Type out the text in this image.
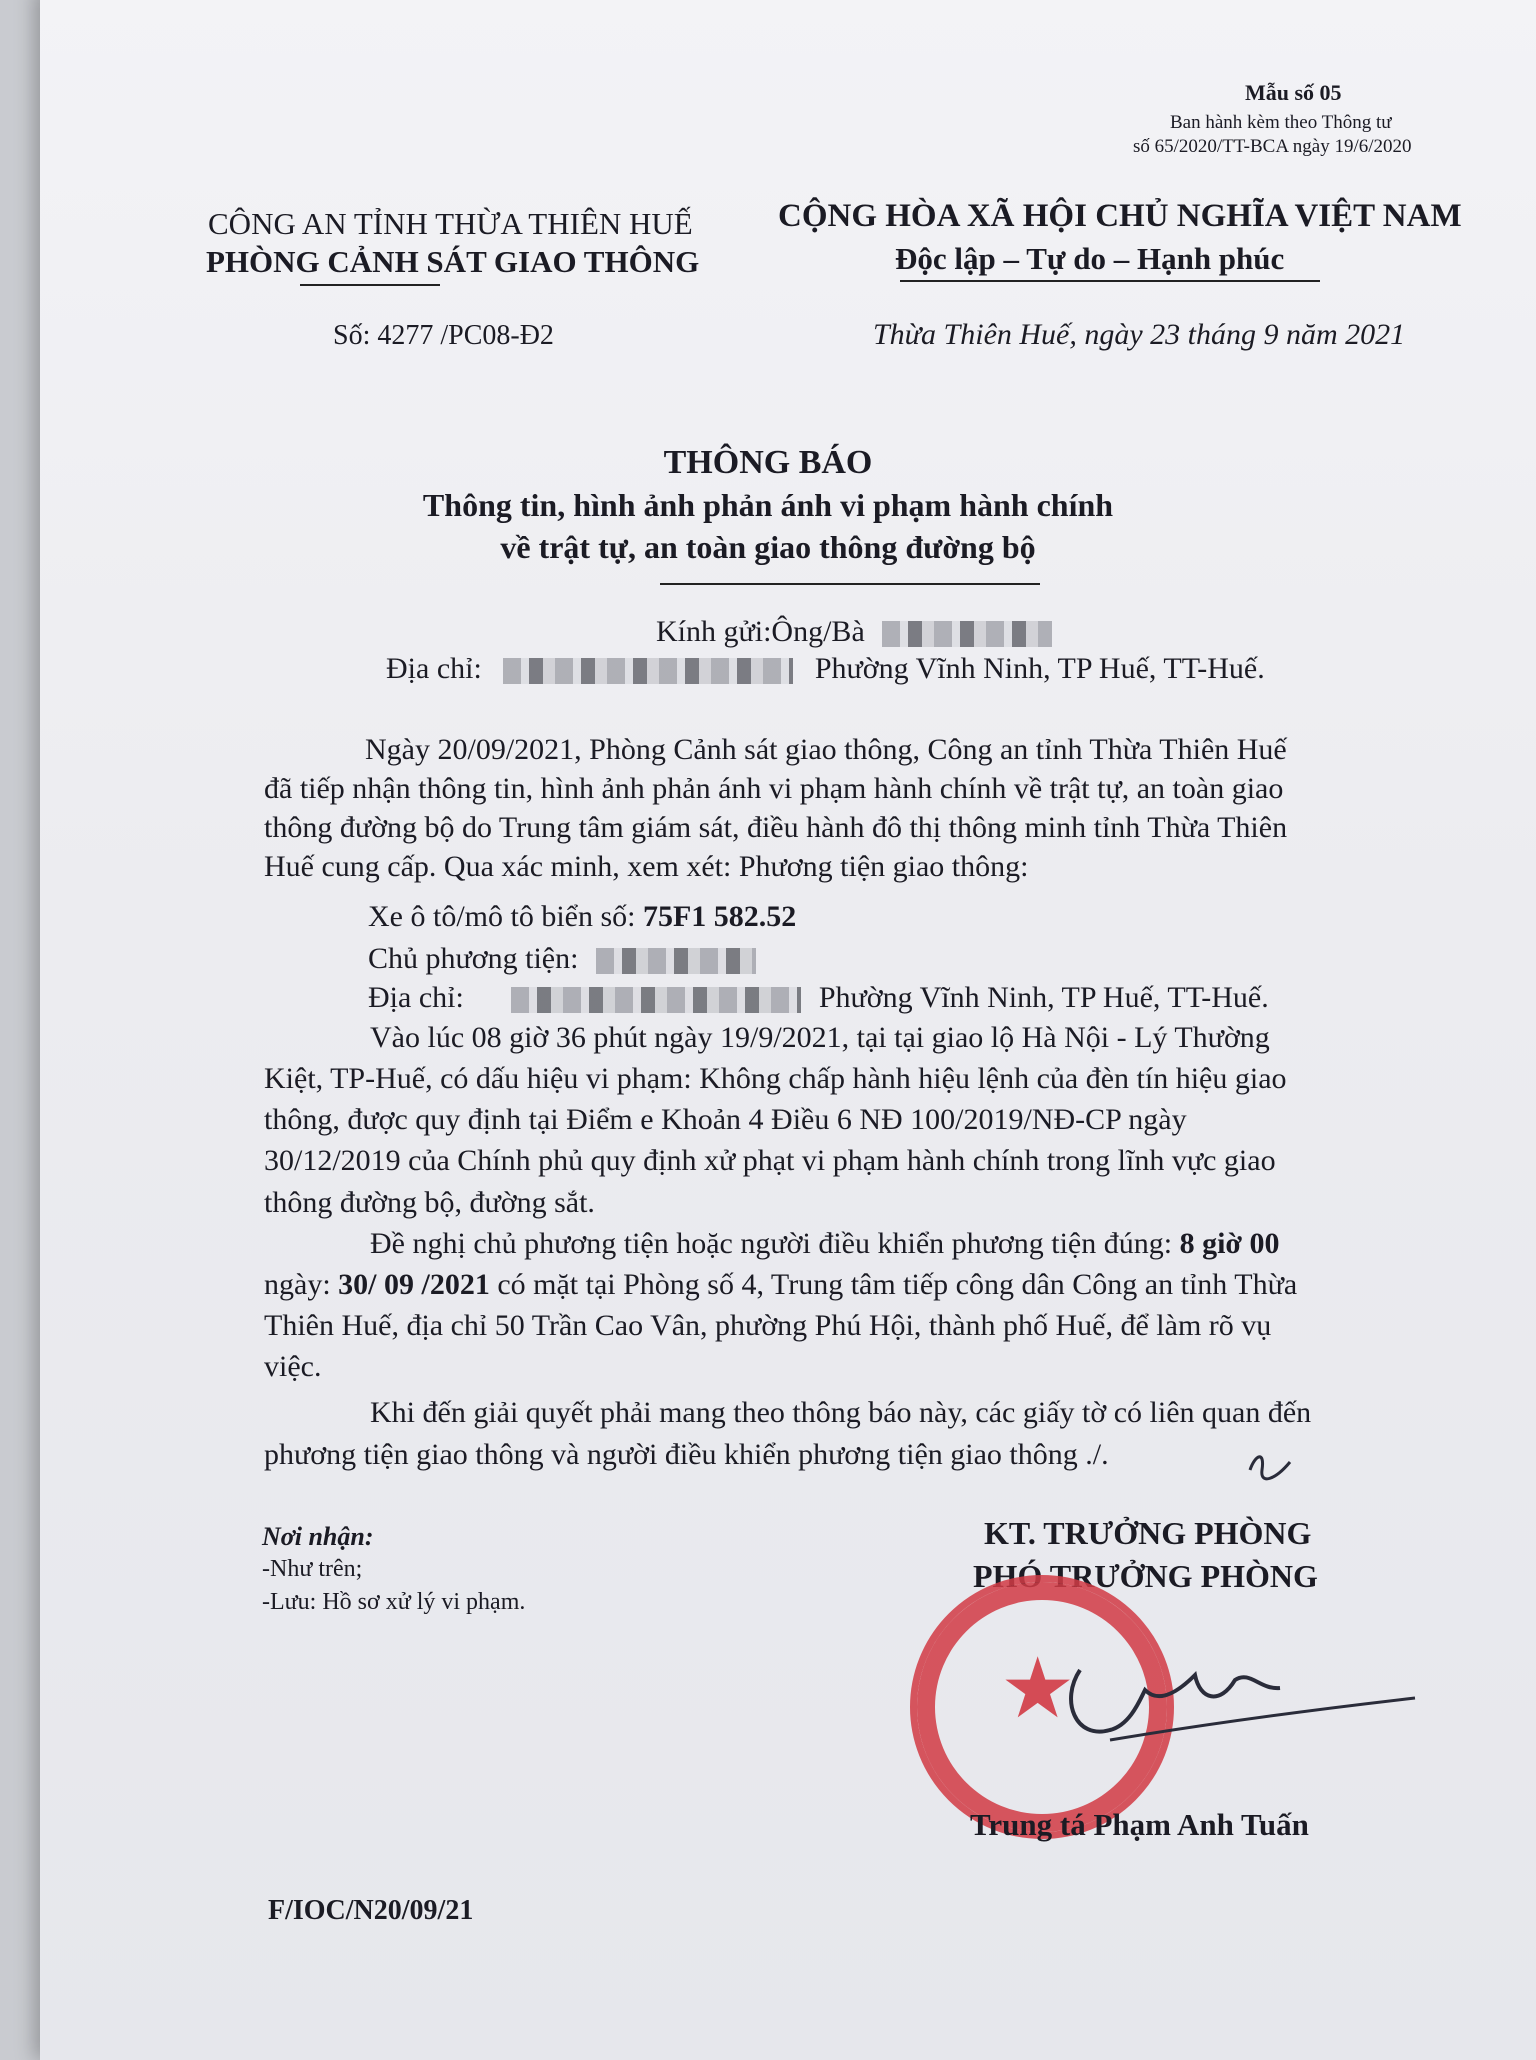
Mẫu số 05
Ban hành kèm theo Thông tư
số 65/2020/TT-BCA ngày 19/6/2020
CÔNG AN TỈNH THỪA THIÊN HUẾ
PHÒNG CẢNH SÁT GIAO THÔNG
CỘNG HÒA XÃ HỘI CHỦ NGHĨA VIỆT NAM
Độc lập – Tự do – Hạnh phúc
Số: 4277 /PC08-Đ2	Thừa Thiên Huế, ngày 23 tháng 9 năm 2021
THÔNG BÁO
Thông tin, hình ảnh phản ánh vi phạm hành chính
về trật tự, an toàn giao thông đường bộ
Kính gửi:Ông/Bà
Địa chỉ:	Phường Vĩnh Ninh, TP Huế, TT-Huế.
Ngày 20/09/2021, Phòng Cảnh sát giao thông, Công an tỉnh Thừa Thiên Huế
đã tiếp nhận thông tin, hình ảnh phản ánh vi phạm hành chính về trật tự, an toàn giao
thông đường bộ do Trung tâm giám sát, điều hành đô thị thông minh tỉnh Thừa Thiên
Huế cung cấp. Qua xác minh, xem xét: Phương tiện giao thông:
Xe ô tô/mô tô biển số: 75F1 582.52
Chủ phương tiện:
Địa chỉ:	Phường Vĩnh Ninh, TP Huế, TT-Huế.
Vào lúc 08 giờ 36 phút ngày 19/9/2021, tại tại giao lộ Hà Nội - Lý Thường
Kiệt, TP-Huế, có dấu hiệu vi phạm: Không chấp hành hiệu lệnh của đèn tín hiệu giao
thông, được quy định tại Điểm e Khoản 4 Điều 6 NĐ 100/2019/NĐ-CP ngày
30/12/2019 của Chính phủ quy định xử phạt vi phạm hành chính trong lĩnh vực giao
thông đường bộ, đường sắt.
Đề nghị chủ phương tiện hoặc người điều khiển phương tiện đúng: 8 giờ 00
ngày: 30/ 09 /2021 có mặt tại Phòng số 4, Trung tâm tiếp công dân Công an tỉnh Thừa
Thiên Huế, địa chỉ 50 Trần Cao Vân, phường Phú Hội, thành phố Huế, để làm rõ vụ
việc.
Khi đến giải quyết phải mang theo thông báo này, các giấy tờ có liên quan đến
phương tiện giao thông và người điều khiển phương tiện giao thông ./.
Nơi nhận:
-Như trên;
-Lưu: Hồ sơ xử lý vi phạm.
KT. TRƯỞNG PHÒNG
PHÓ TRƯỞNG PHÒNG
★
Trung tá Phạm Anh Tuấn
F/IOC/N20/09/21
